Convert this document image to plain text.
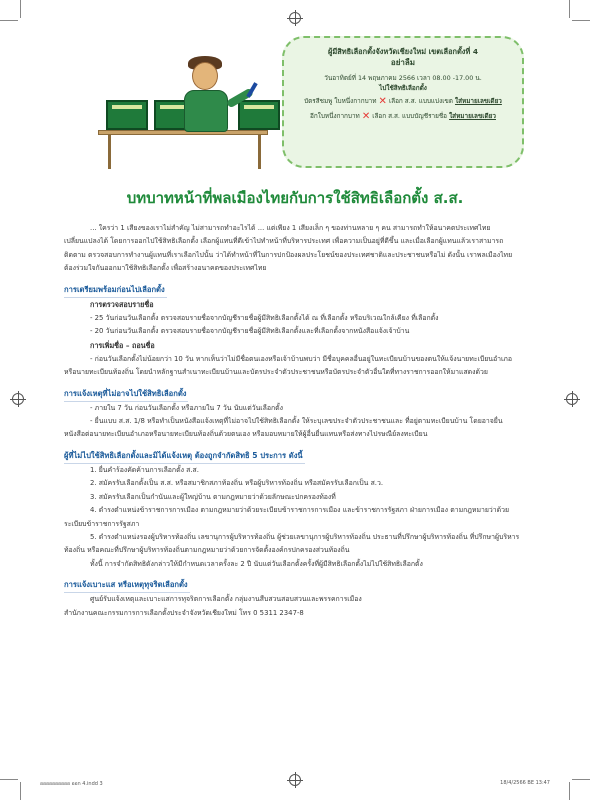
ผู้มีสิทธิเลือกตั้งจังหวัดเชียงใหม่ เขตเลือกตั้งที่ 4
อย่าลืม
วันอาทิตย์ที่ 14 พฤษภาคม 2566 เวลา 08.00 -17.00 น.
ไปใช้สิทธิเลือกตั้ง
บัตรสีชมพู ใบหนึ่งกากบาท ✕ เลือก ส.ส. แบบแบ่งเขต ใส่หมายเลขเดียว
อีกใบหนึ่งกากบาท ✕ เลือก ส.ส. แบบบัญชีรายชื่อ ใส่หมายเลขเดียว
บทบาทหน้าที่พลเมืองไทยกับการใช้สิทธิเลือกตั้ง ส.ส.

... ใครว่า 1 เสียงของเราไม่สำคัญ ไม่สามารถทำอะไรได้ ... แต่เพียง 1 เสียงเล็ก ๆ ของท่านหลาย ๆ คน สามารถทำให้อนาคตประเทศไทยเปลี่ยนแปลงได้ โดยการออกไปใช้สิทธิเลือกตั้ง เลือกผู้แทนที่ดีเข้าไปทำหน้าที่บริหารประเทศ เพื่อความเป็นอยู่ที่ดีขึ้น และเมื่อเลือกผู้แทนแล้วเราสามารถติดตาม ตรวจสอบการทำงานผู้แทนที่เราเลือกไปนั้น ว่าได้ทำหน้าที่ในการปกป้องผลประโยชน์ของประเทศชาติและประชาชนหรือไม่ ดังนั้น เราพลเมืองไทยต้องร่วมใจกันออกมาใช้สิทธิเลือกตั้ง เพื่อสร้างอนาคตของประเทศไทย

การเตรียมพร้อมก่อนไปเลือกตั้ง

การตรวจสอบรายชื่อ

- 25 วันก่อนวันเลือกตั้ง ตรวจสอบรายชื่อจากบัญชีรายชื่อผู้มีสิทธิเลือกตั้งได้ ณ ที่เลือกตั้ง หรือบริเวณใกล้เคียง ที่เลือกตั้ง

- 20 วันก่อนวันเลือกตั้ง ตรวจสอบรายชื่อจากบัญชีรายชื่อผู้มีสิทธิเลือกตั้งและที่เลือกตั้งจากหนังสือแจ้งเจ้าบ้าน

การเพิ่มชื่อ – ถอนชื่อ

- ก่อนวันเลือกตั้งไม่น้อยกว่า 10 วัน หากเห็นว่าไม่มีชื่อตนเองหรือเจ้าบ้านพบว่า มีชื่อบุคคลอื่นอยู่ในทะเบียนบ้านของตนให้แจ้งนายทะเบียนอำเภอหรือนายทะเบียนท้องถิ่น โดยนำหลักฐานสำเนาทะเบียนบ้านและบัตรประจำตัวประชาชนหรือบัตรประจำตัวอื่นใดที่ทางราชการออกให้มาแสดงด้วย

การแจ้งเหตุที่ไม่อาจไปใช้สิทธิเลือกตั้ง

- ภายใน 7 วัน ก่อนวันเลือกตั้ง หรือภายใน 7 วัน นับแต่วันเลือกตั้ง

- ยื่นแบบ ส.ส. 1/8 หรือทำเป็นหนังสือแจ้งเหตุที่ไม่อาจไปใช้สิทธิเลือกตั้ง ให้ระบุเลขประจำตัวประชาชนและ ที่อยู่ตามทะเบียนบ้าน โดยอาจยื่นหนังสือต่อนายทะเบียนอำเภอหรือนายทะเบียนท้องถิ่นด้วยตนเอง หรือมอบหมายให้ผู้อื่นยื่นแทนหรือส่งทางไปรษณีย์ลงทะเบียน

ผู้ที่ไม่ไปใช้สิทธิเลือกตั้งและมิได้แจ้งเหตุ ต้องถูกจำกัดสิทธิ 5 ประการ ดังนี้

1. ยื่นคำร้องคัดค้านการเลือกตั้ง ส.ส.

2. สมัครรับเลือกตั้งเป็น ส.ส. หรือสมาชิกสภาท้องถิ่น หรือผู้บริหารท้องถิ่น หรือสมัครรับเลือกเป็น ส.ว.

3. สมัครรับเลือกเป็นกำนันและผู้ใหญ่บ้าน ตามกฎหมายว่าด้วยลักษณะปกครองท้องที่

4. ดำรงตำแหน่งข้าราชการการเมือง ตามกฎหมายว่าด้วยระเบียบข้าราชการการเมือง และข้าราชการรัฐสภา ฝ่ายการเมือง ตามกฎหมายว่าด้วยระเบียบข้าราชการรัฐสภา

5. ดำรงตำแหน่งรองผู้บริหารท้องถิ่น เลขานุการผู้บริหารท้องถิ่น ผู้ช่วยเลขานุการผู้บริหารท้องถิ่น ประธานที่ปรึกษาผู้บริหารท้องถิ่น ที่ปรึกษาผู้บริหารท้องถิ่น หรือคณะที่ปรึกษาผู้บริหารท้องถิ่นตามกฎหมายว่าด้วยการจัดตั้งองค์กรปกครองส่วนท้องถิ่น

ทั้งนี้ การจำกัดสิทธิดังกล่าวให้มีกำหนดเวลาครั้งละ 2 ปี นับแต่วันเลือกตั้งครั้งที่ผู้มีสิทธิเลือกตั้งไม่ไปใช้สิทธิเลือกตั้ง

การแจ้งเบาะแส หรือเหตุทุจริตเลือกตั้ง

ศูนย์รับแจ้งเหตุและเบาะแสการทุจริตการเลือกตั้ง กลุ่มงานสืบสวนสอบสวนและพรรคการเมือง

สำนักงานคณะกรรมการการเลือกตั้งประจำจังหวัดเชียงใหม่ โทร 0 5311 2347-8

ออออออออออ ออก 4.indd 3	18/4/2566 BE 13:47
